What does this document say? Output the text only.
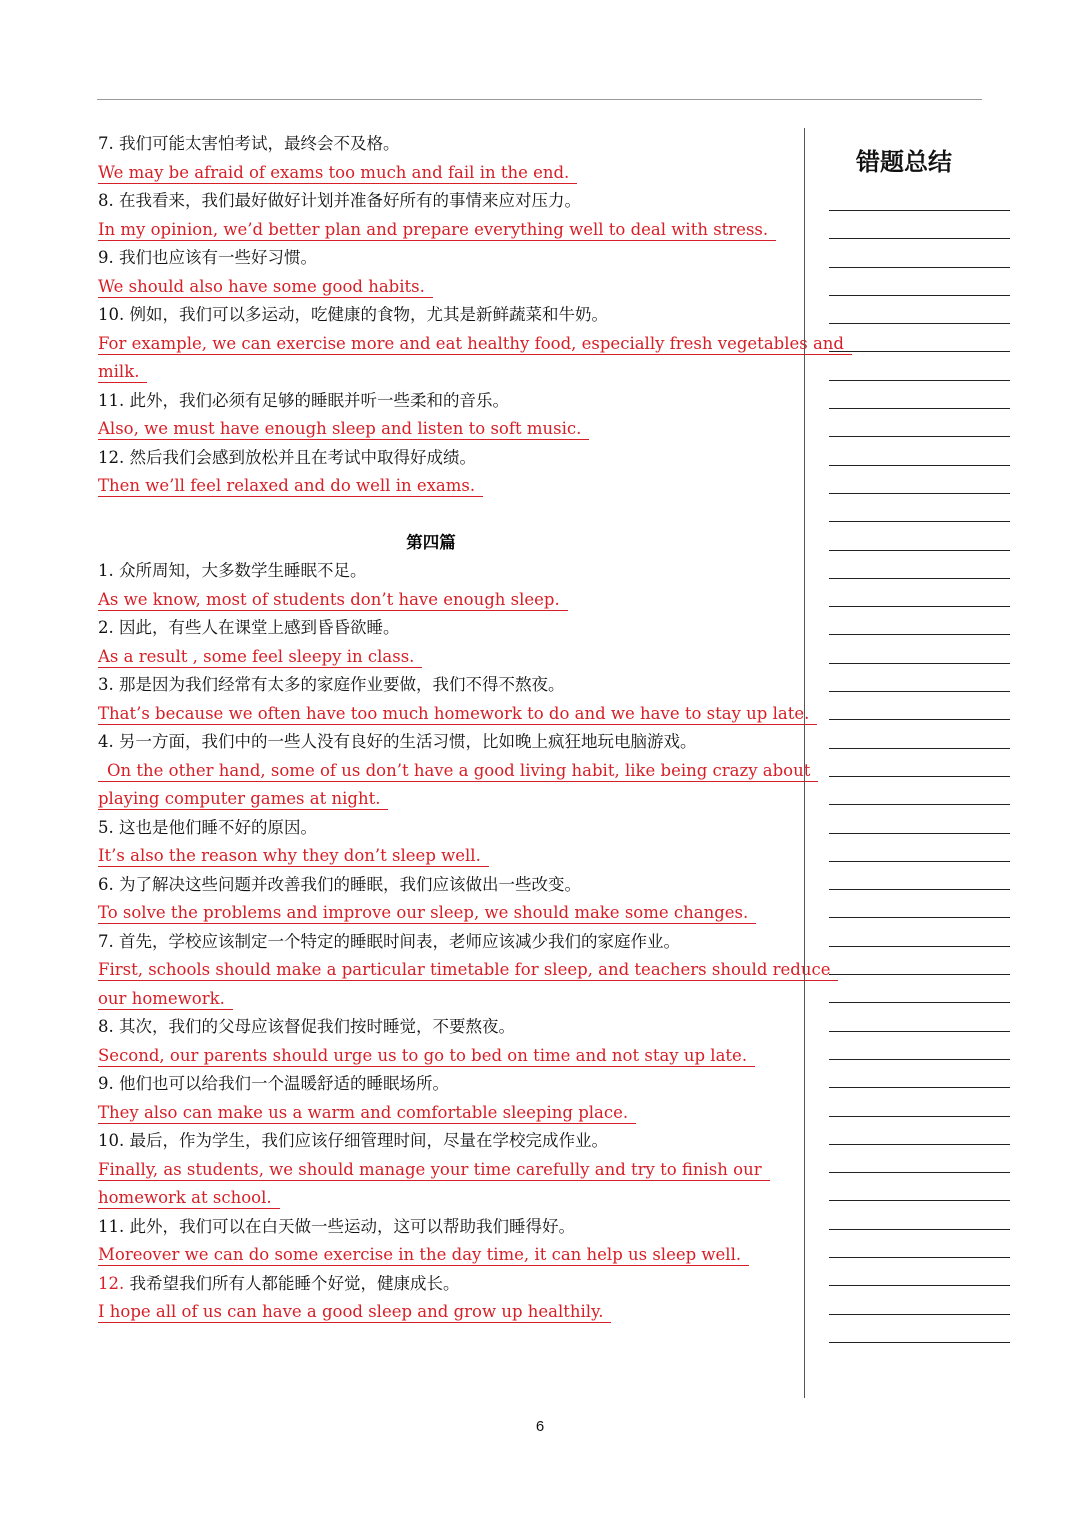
7. 我们可能太害怕考试，最终会不及格。
We may be afraid of exams too much and fail in the end.
8. 在我看来，我们最好做好计划并准备好所有的事情来应对压力。
In my opinion, we’d better plan and prepare everything well to deal with stress.
9. 我们也应该有一些好习惯。
We should also have some good habits.
10. 例如，我们可以多运动，吃健康的食物，尤其是新鲜蔬菜和牛奶。
For example, we can exercise more and eat healthy food, especially fresh vegetables and
milk.
11. 此外，我们必须有足够的睡眠并听一些柔和的音乐。
Also, we must have enough sleep and listen to soft music.
12. 然后我们会感到放松并且在考试中取得好成绩。
Then we’ll feel relaxed and do well in exams.
第四篇
1. 众所周知，大多数学生睡眠不足。
As we know, most of students don’t have enough sleep.
2. 因此，有些人在课堂上感到昏昏欲睡。
As a result , some feel sleepy in class.
3. 那是因为我们经常有太多的家庭作业要做，我们不得不熬夜。
That’s because we often have too much homework to do and we have to stay up late.
4. 另一方面，我们中的一些人没有良好的生活习惯，比如晚上疯狂地玩电脑游戏。
On the other hand, some of us don’t have a good living habit, like being crazy about
playing computer games at night.
5. 这也是他们睡不好的原因。
It’s also the reason why they don’t sleep well.
6. 为了解决这些问题并改善我们的睡眠，我们应该做出一些改变。
To solve the problems and improve our sleep, we should make some changes.
7. 首先，学校应该制定一个特定的睡眠时间表，老师应该减少我们的家庭作业。
First, schools should make a particular timetable for sleep, and teachers should reduce
our homework.
8. 其次，我们的父母应该督促我们按时睡觉，不要熬夜。
Second, our parents should urge us to go to bed on time and not stay up late.
9. 他们也可以给我们一个温暖舒适的睡眠场所。
They also can make us a warm and comfortable sleeping place.
10. 最后，作为学生，我们应该仔细管理时间，尽量在学校完成作业。
Finally, as students, we should manage your time carefully and try to finish our
homework at school.
11. 此外，我们可以在白天做一些运动，这可以帮助我们睡得好。
Moreover we can do some exercise in the day time, it can help us sleep well.
12. 我希望我们所有人都能睡个好觉，健康成长。
I hope all of us can have a good sleep and grow up healthily.
错题总结
6
